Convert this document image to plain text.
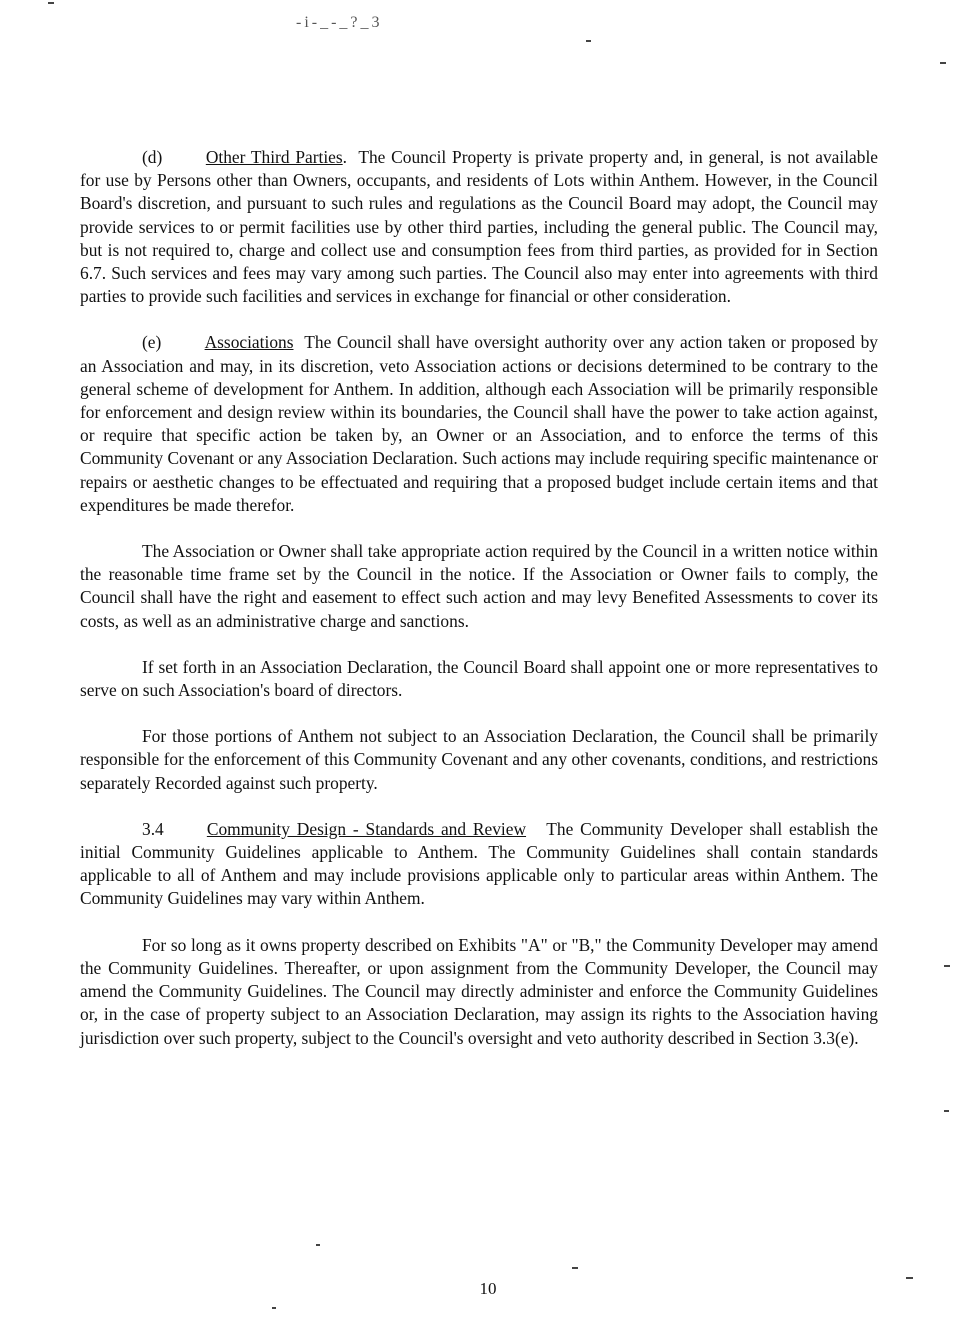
-i-_-_?_3

(d)	Other Third Parties. The Council Property is private property and, in general, is not available for use by Persons other than Owners, occupants, and residents of Lots within Anthem. However, in the Council Board's discretion, and pursuant to such rules and regulations as the Council Board may adopt, the Council may provide services to or permit facilities use by other third parties, including the general public. The Council may, but is not required to, charge and collect use and consumption fees from third parties, as provided for in Section 6.7. Such services and fees may vary among such parties. The Council also may enter into agreements with third parties to provide such facilities and services in exchange for financial or other consideration.

(e) Associations The Council shall have oversight authority over any action taken or proposed by an Association and may, in its discretion, veto Association actions or decisions determined to be contrary to the general scheme of development for Anthem. In addition, although each Association will be primarily responsible for enforcement and design review within its boundaries, the Council shall have the power to take action against, or require that specific action be taken by, an Owner or an Association, and to enforce the terms of this Community Covenant or any Association Declaration. Such actions may include requiring specific maintenance or repairs or aesthetic changes to be effectuated and requiring that a proposed budget include certain items and that expenditures be made therefor.

The Association or Owner shall take appropriate action required by the Council in a written notice within the reasonable time frame set by the Council in the notice. If the Association or Owner fails to comply, the Council shall have the right and easement to effect such action and may levy Benefited Assessments to cover its costs, as well as an administrative charge and sanctions.

If set forth in an Association Declaration, the Council Board shall appoint one or more representatives to serve on such Association's board of directors.

For those portions of Anthem not subject to an Association Declaration, the Council shall be primarily responsible for the enforcement of this Community Covenant and any other covenants, conditions, and restrictions separately Recorded against such property.

3.4 Community Design - Standards and Review The Community Developer shall establish the initial Community Guidelines applicable to Anthem. The Community Guidelines shall contain standards applicable to all of Anthem and may include provisions applicable only to particular areas within Anthem. The Community Guidelines may vary within Anthem.

For so long as it owns property described on Exhibits "A" or "B," the Community Developer may amend the Community Guidelines. Thereafter, or upon assignment from the Community Developer, the Council may amend the Community Guidelines. The Council may directly administer and enforce the Community Guidelines or, in the case of property subject to an Association Declaration, may assign its rights to the Association having jurisdiction over such property, subject to the Council's oversight and veto authority described in Section 3.3(e).

10
